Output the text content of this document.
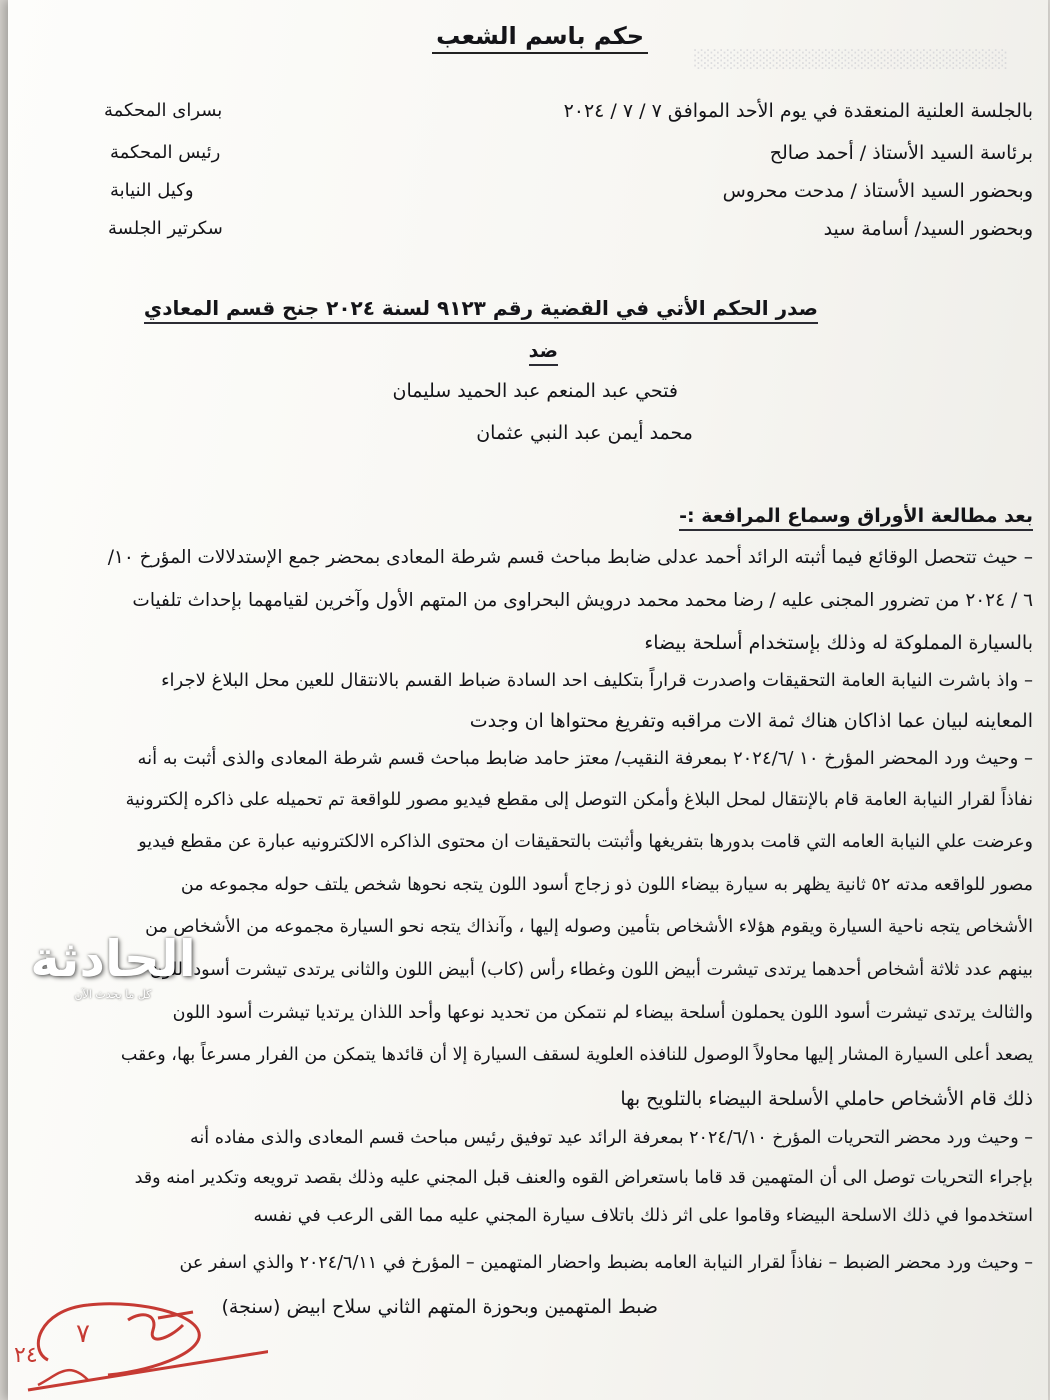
░░░░░░░░░░░░░░░░░░░░░░░░
حكم باسم الشعب
بالجلسة العلنية المنعقدة في يوم الأحد الموافق ٧ / ٧ / ٢٠٢٤
بسرای المحكمة
برئاسة السيد الأستاذ / أحمد صالح
رئيس المحكمة
وبحضور السيد الأستاذ / مدحت محروس
وكيل النيابة
وبحضور السيد/ أسامة سيد
سكرتير الجلسة
صدر الحكم الأتي في القضية رقم ٩١٢٣ لسنة ٢٠٢٤ جنح قسم المعادي
ضد
فتحي عبد المنعم عبد الحميد سليمان
محمد أيمن عبد النبي عثمان
بعد مطالعة الأوراق وسماع المرافعة :-
– حيث تتحصل الوقائع فيما أثبته الرائد أحمد عدلى ضابط مباحث قسم شرطة المعادى بمحضر جمع الإستدلالات المؤرخ ١٠/
٦ / ٢٠٢٤ من تضرور المجنى عليه / رضا محمد محمد درويش البحراوى من المتهم الأول وآخرين لقيامهما بإحداث تلفيات
بالسيارة المملوكة له وذلك بإستخدام أسلحة بيضاء
– واذ باشرت النيابة العامة التحقيقات واصدرت قراراً بتكليف احد السادة ضباط القسم بالانتقال للعين محل البلاغ لاجراء
المعاينه لبيان عما اذاكان هناك ثمة الات مراقبه وتفريغ محتواها ان وجدت
– وحيث ورد المحضر المؤرخ ١٠ /٢٠٢٤/٦ بمعرفة النقيب/ معتز حامد ضابط مباحث قسم شرطة المعادى والذى أثبت به أنه
نفاذاً لقرار النيابة العامة قام بالإنتقال لمحل البلاغ وأمكن التوصل إلى مقطع فيديو مصور للواقعة تم تحميله على ذاكره إلكترونية
وعرضت علي النيابة العامه التي قامت بدورها بتفريغها وأثبتت بالتحقيقات ان محتوى الذاكره الالكترونيه عبارة عن مقطع فيديو
مصور للواقعه مدته ٥٢ ثانية يظهر به سيارة بيضاء اللون ذو زجاج أسود اللون يتجه نحوها شخص يلتف حوله مجموعه من
الأشخاص يتجه ناحية السيارة ويقوم هؤلاء الأشخاص بتأمين وصوله إليها ، وآنذاك يتجه نحو السيارة مجموعه من الأشخاص من
بينهم عدد ثلاثة أشخاص أحدهما يرتدى تيشرت أبيض اللون وغطاء رأس (كاب) أبيض اللون والثانى يرتدى تيشرت أسود اللون
والثالث يرتدى تيشرت أسود اللون يحملون أسلحة بيضاء لم نتمكن من تحديد نوعها وأحد اللذان يرتديا تيشرت أسود اللون
يصعد أعلى السيارة المشار إليها محاولاً الوصول للنافذه العلوية لسقف السيارة إلا أن قائدها يتمكن من الفرار مسرعاً بها، وعقب
ذلك قام الأشخاص حاملي الأسلحة البيضاء بالتلويح بها
– وحيث ورد محضر التحريات المؤرخ ٢٠٢٤/٦/١٠ بمعرفة الرائد عيد توفيق رئيس مباحث قسم المعادى والذى مفاده أنه
بإجراء التحريات توصل الى أن المتهمين قد قاما باستعراض القوه والعنف قبل المجني عليه وذلك بقصد ترويعه وتكدير امنه وقد
استخدموا في ذلك الاسلحة البيضاء وقاموا على اثر ذلك باتلاف سيارة المجني عليه مما القى الرعب في نفسه
– وحيث ورد محضر الضبط – نفاذاً لقرار النيابة العامه بضبط واحضار المتهمين – المؤرخ في ٢٠٢٤/٦/١١ والذي اسفر عن
ضبط المتهمين وبحوزة المتهم الثاني سلاح ابيض (سنجة)
الحادثة
كل ما يحدث الآن
٧
٢٤
